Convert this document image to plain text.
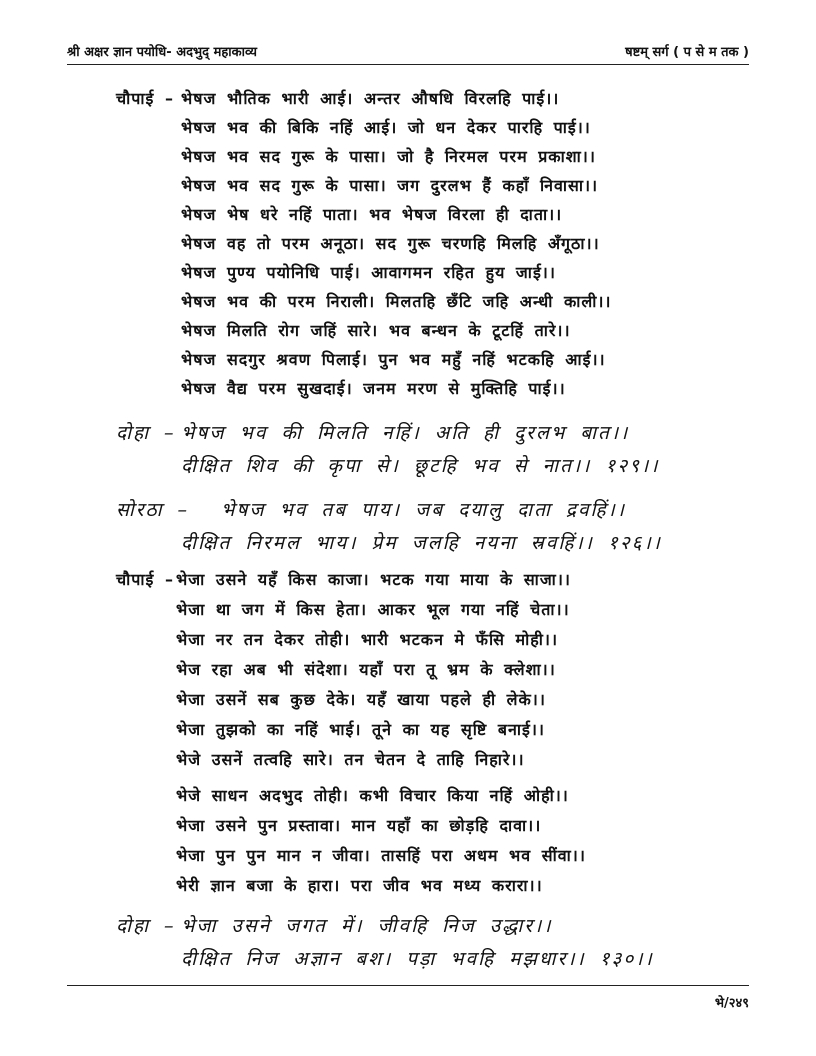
श्री अक्षर ज्ञान पयोधि- अदभुद् महाकाव्य	षष्टम् सर्ग ( प से म तक )
चौपाई – भेषज भौतिक भारी आई। अन्तर औषधि विरलहि पाई।।
भेषज भव की बिकि नहिं आई। जो धन देकर पारहि पाई।।
भेषज भव सद गुरू के पासा। जो है निरमल परम प्रकाशा।।
भेषज भव सद गुरू के पासा। जग दुरलभ हैं कहाँ निवासा।।
भेषज भेष धरे नहिं पाता। भव भेषज विरला ही दाता।।
भेषज वह तो परम अनूठा। सद गुरू चरणहि मिलहि अँगूठा।।
भेषज पुण्य पयोनिधि पाई। आवागमन रहित हुय जाई।।
भेषज भव की परम निराली। मिलतहि छँटि जहि अन्धी काली।।
भेषज मिलति रोग जहिं सारे। भव बन्धन के टूटहिं तारे।।
भेषज सदगुर श्रवण पिलाई। पुन भव महुँ नहिं भटकहि आई।।
भेषज वैद्य परम सुखदाई। जनम मरण से मुक्तिहि पाई।।
दोहा – भेषज भव की मिलति नहिं। अति ही दुरलभ बात।।
दीक्षित शिव की कृपा से। छूटहि भव से नात।। १२९।।
सोरठा – भेषज भव तब पाय। जब दयालु दाता द्रवहिं।।
दीक्षित निरमल भाय। प्रेम जलहि नयना स्रवहिं।। १२६।।
चौपाई – भेजा उसने यहँ किस काजा। भटक गया माया के साजा।।
भेजा था जग में किस हेता। आकर भूल गया नहिं चेता।।
भेजा नर तन देकर तोही। भारी भटकन मे फँसि मोही।।
भेज रहा अब भी संदेशा। यहाँ परा तू भ्रम के क्लेशा।।
भेजा उसनें सब कुछ देके। यहँ खाया पहले ही लेके।।
भेजा तुझको का नहिं भाई। तूने का यह सृष्टि बनाई।।
भेजे उसनें तत्वहि सारे। तन चेतन दे ताहि निहारे।।
भेजे साधन अदभुद तोही। कभी विचार किया नहिं ओही।।
भेजा उसने पुन प्रस्तावा। मान यहाँ का छोड़हि दावा।।
भेजा पुन पुन मान न जीवा। तासहिं परा अधम भव सींवा।।
भेरी ज्ञान बजा के हारा। परा जीव भव मध्य करारा।।
दोहा – भेजा उसने जगत में। जीवहि निज उद्धार।।
दीक्षित निज अज्ञान बश। पड़ा भवहि मझधार।। १३०।।
भे/२४९
